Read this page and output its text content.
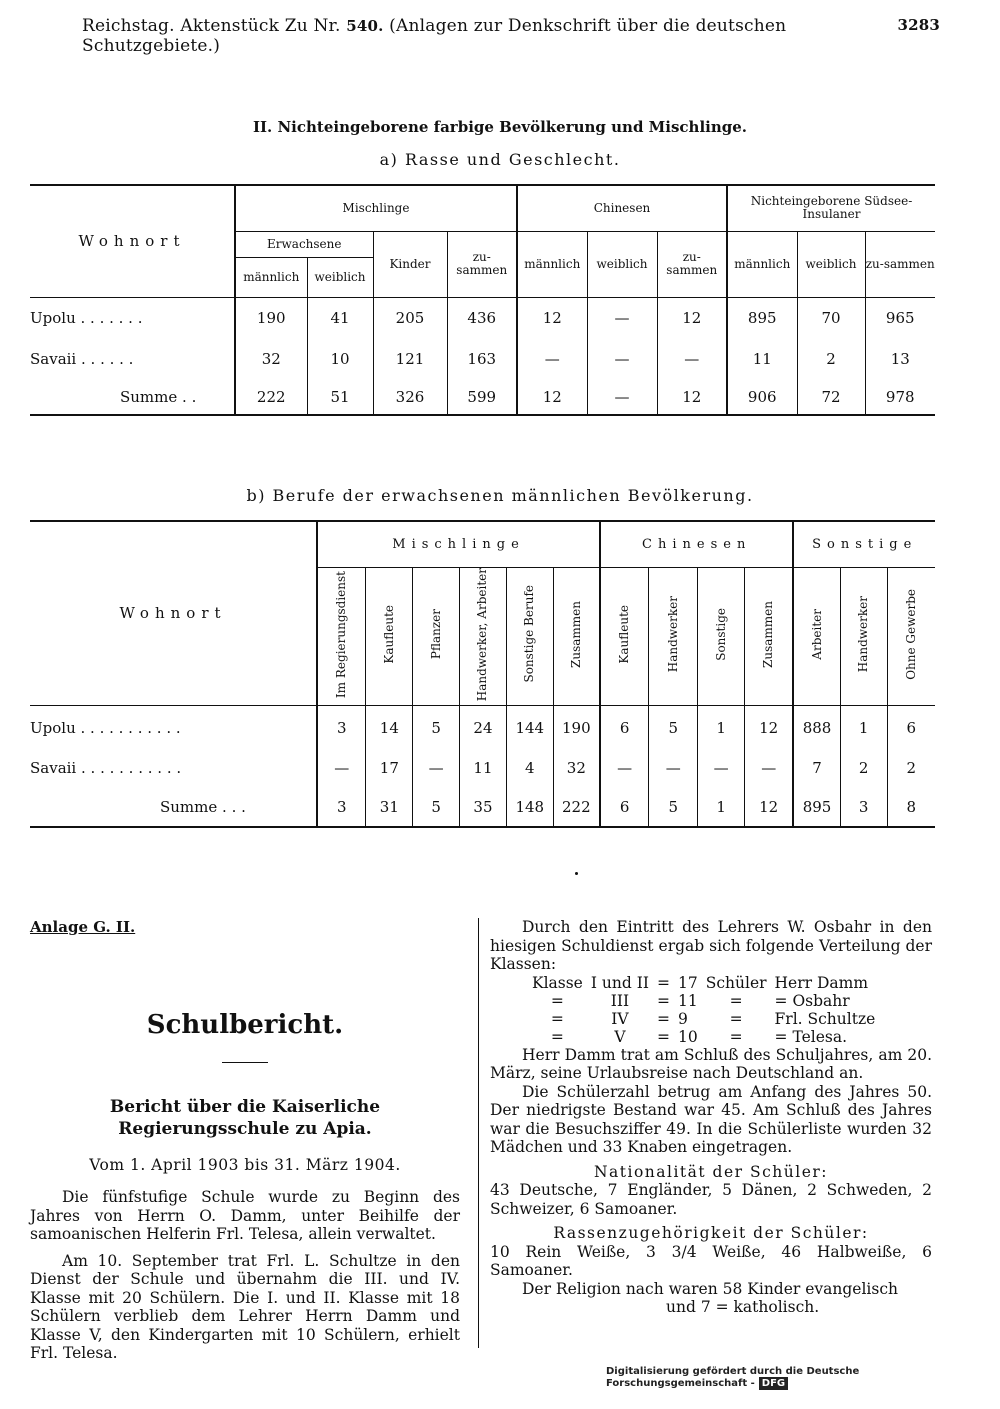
Reichstag. Aktenstück Zu Nr. 540. (Anlagen zur Denkschrift über die deutschen Schutzgebiete.)
3283
II. Nichteingeborene farbige Bevölkerung und Mischlinge.
a) Rasse und Geschlecht.
Wohnort	Mischlinge				Chinesen			Nichteingeborene Südsee-Insulaner		
	Erwachsene		Kinder	zu-sammen	männlich	weiblich	zu-sammen	männlich	weiblich	zu-sammen
	männlich	weiblich								
Upolu . . . . . . .	190	41	205	436	12	—	12	895	70	965
Savaii . . . . . .	32	10	121	163	—	—	—	11	2	13
Summe . .	222	51	326	599	12	—	12	906	72	978
b) Berufe der erwachsenen männlichen Bevölkerung.
Wohnort	Mischlinge						Chinesen				Sonstige		
	Im Regierungsdienst	Kaufleute	Pflanzer	Handwerker, Arbeiter	Sonstige Berufe	Zusammen	Kaufleute	Handwerker	Sonstige	Zusammen	Arbeiter	Handwerker	Ohne Gewerbe
Upolu . . . . . . . . . . .	3	14	5	24	144	190	6	5	1	12	888	1	6
Savaii . . . . . . . . . . .	—	17	—	11	4	32	—	—	—	—	7	2	2
Summe . . .	3	31	5	35	148	222	6	5	1	12	895	3	8
Anlage G. II.
Schulbericht.
Bericht über die Kaiserliche Regierungsschule zu Apia.
Vom 1. April 1903 bis 31. März 1904.

Die fünfstufige Schule wurde zu Beginn des Jahres von Herrn O. Damm, unter Beihilfe der samoanischen Helferin Frl. Telesa, allein verwaltet.

Am 10. September trat Frl. L. Schultze in den Dienst der Schule und übernahm die III. und IV. Klasse mit 20 Schülern. Die I. und II. Klasse mit 18 Schülern verblieb dem Lehrer Herrn Damm und Klasse V, den Kindergarten mit 10 Schülern, erhielt Frl. Telesa.

Durch den Eintritt des Lehrers W. Osbahr in den hiesigen Schuldienst ergab sich folgende Verteilung der Klassen:

Klasse	I und II	=	17	Schüler	Herr Damm
=	III	=	11	=	= Osbahr
=	IV	=	9	=	Frl. Schultze
=	V	=	10	=	= Telesa.

Herr Damm trat am Schluß des Schuljahres, am 20. März, seine Urlaubsreise nach Deutschland an.

Die Schülerzahl betrug am Anfang des Jahres 50. Der niedrigste Bestand war 45. Am Schluß des Jahres war die Besuchsziffer 49. In die Schülerliste wurden 32 Mädchen und 33 Knaben eingetragen.

Nationalität der Schüler:

43 Deutsche, 7 Engländer, 5 Dänen, 2 Schweden, 2 Schweizer, 6 Samoaner.

Rassenzugehörigkeit der Schüler:

10 Rein Weiße, 3 3/4 Weiße, 46 Halbweiße, 6 Samoaner.

Der Religion nach waren 58 Kinder evangelisch

und 7 = katholisch.

Digitalisierung gefördert durch die Deutsche Forschungsgemeinschaft - DFG
